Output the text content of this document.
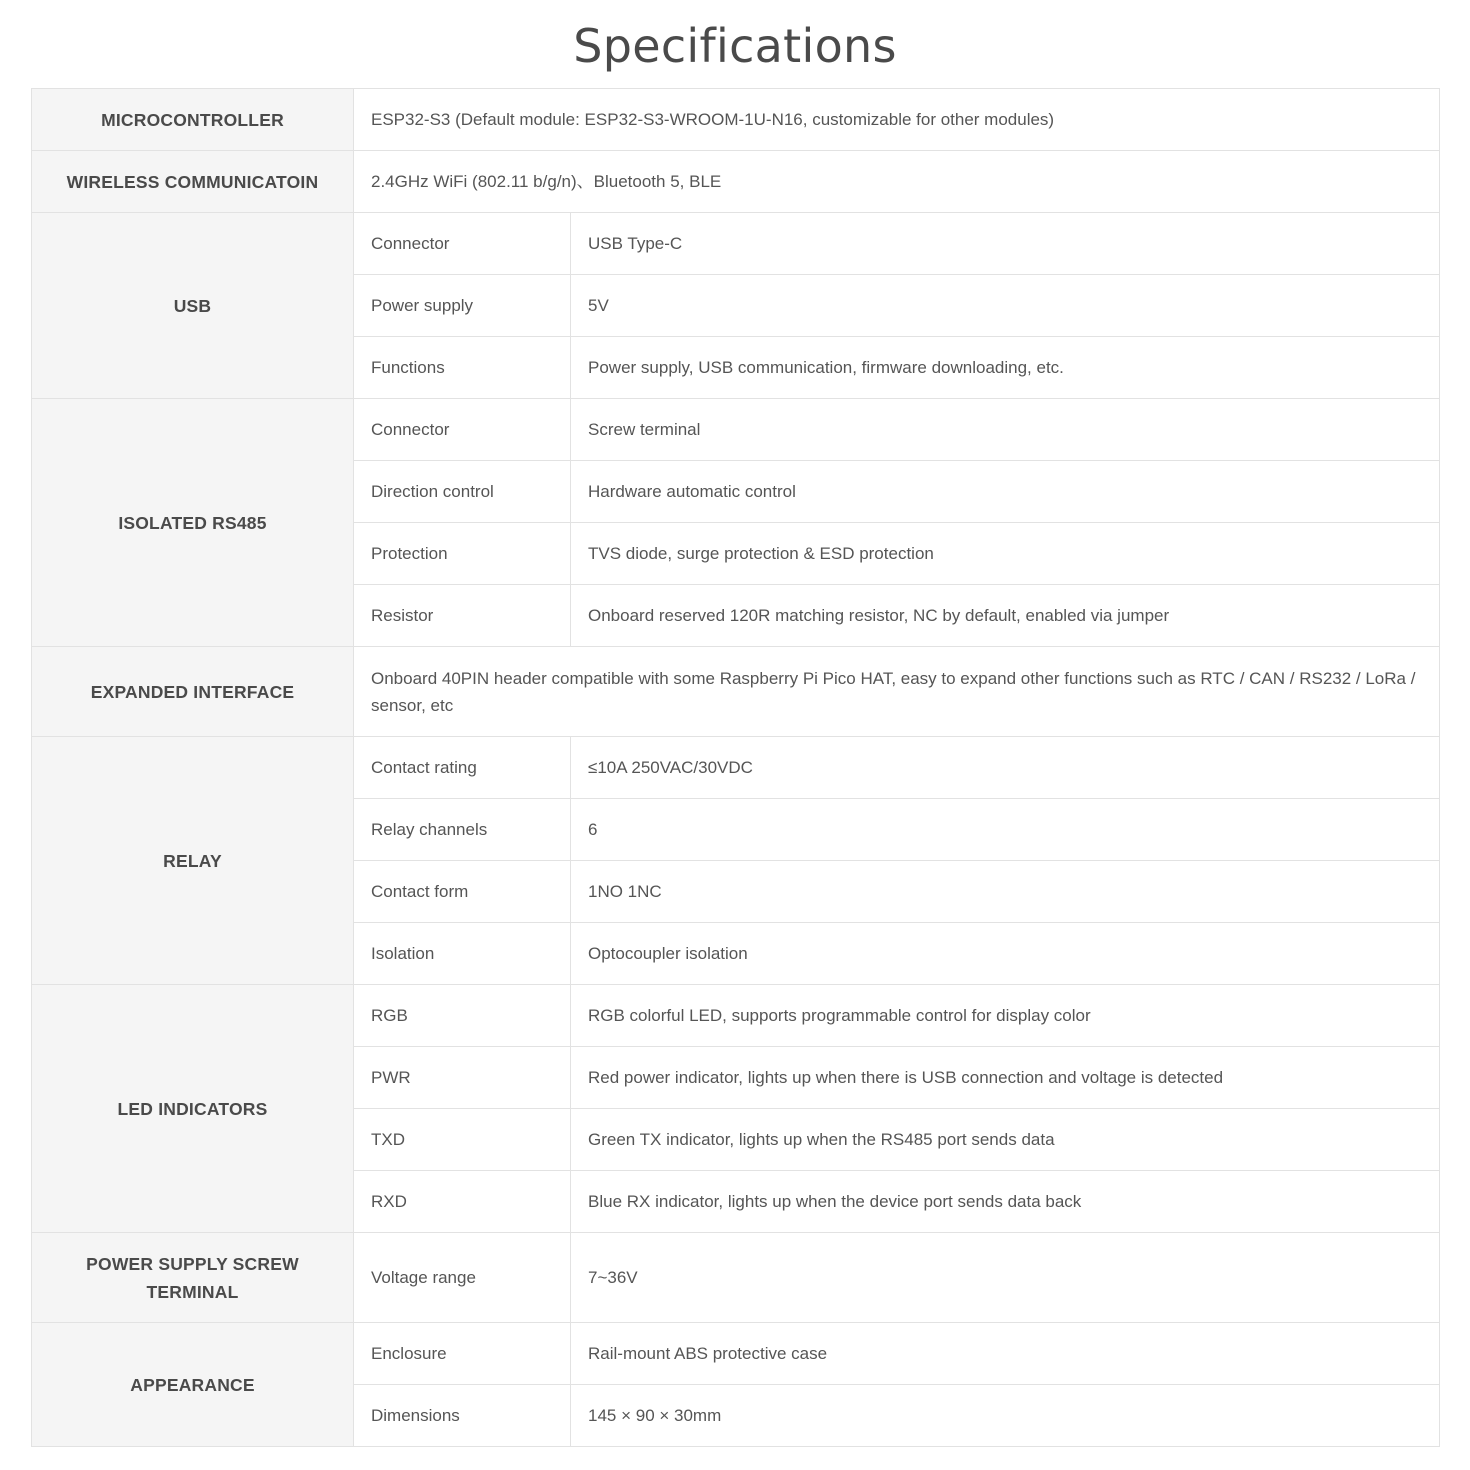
Specifications
MICROCONTROLLER	ESP32-S3 (Default module: ESP32-S3-WROOM-1U-N16, customizable for other modules)	
WIRELESS COMMUNICATOIN	2.4GHz WiFi (802.11 b/g/n)、Bluetooth 5, BLE	
USB	Connector	USB Type-C
	Power supply	5V
	Functions	Power supply, USB communication, firmware downloading, etc.
ISOLATED RS485	Connector	Screw terminal
	Direction control	Hardware automatic control
	Protection	TVS diode, surge protection & ESD protection
	Resistor	Onboard reserved 120R matching resistor, NC by default, enabled via jumper
EXPANDED INTERFACE	Onboard 40PIN header compatible with some Raspberry Pi Pico HAT, easy to expand other functions such as RTC / CAN / RS232 / LoRa / sensor, etc	
RELAY	Contact rating	≤10A 250VAC/30VDC
	Relay channels	6
	Contact form	1NO 1NC
	Isolation	Optocoupler isolation
LED INDICATORS	RGB	RGB colorful LED, supports programmable control for display color
	PWR	Red power indicator, lights up when there is USB connection and voltage is detected
	TXD	Green TX indicator, lights up when the RS485 port sends data
	RXD	Blue RX indicator, lights up when the device port sends data back
POWER SUPPLY SCREW TERMINAL	Voltage range	7~36V
APPEARANCE	Enclosure	Rail-mount ABS protective case
	Dimensions	145 × 90 × 30mm
